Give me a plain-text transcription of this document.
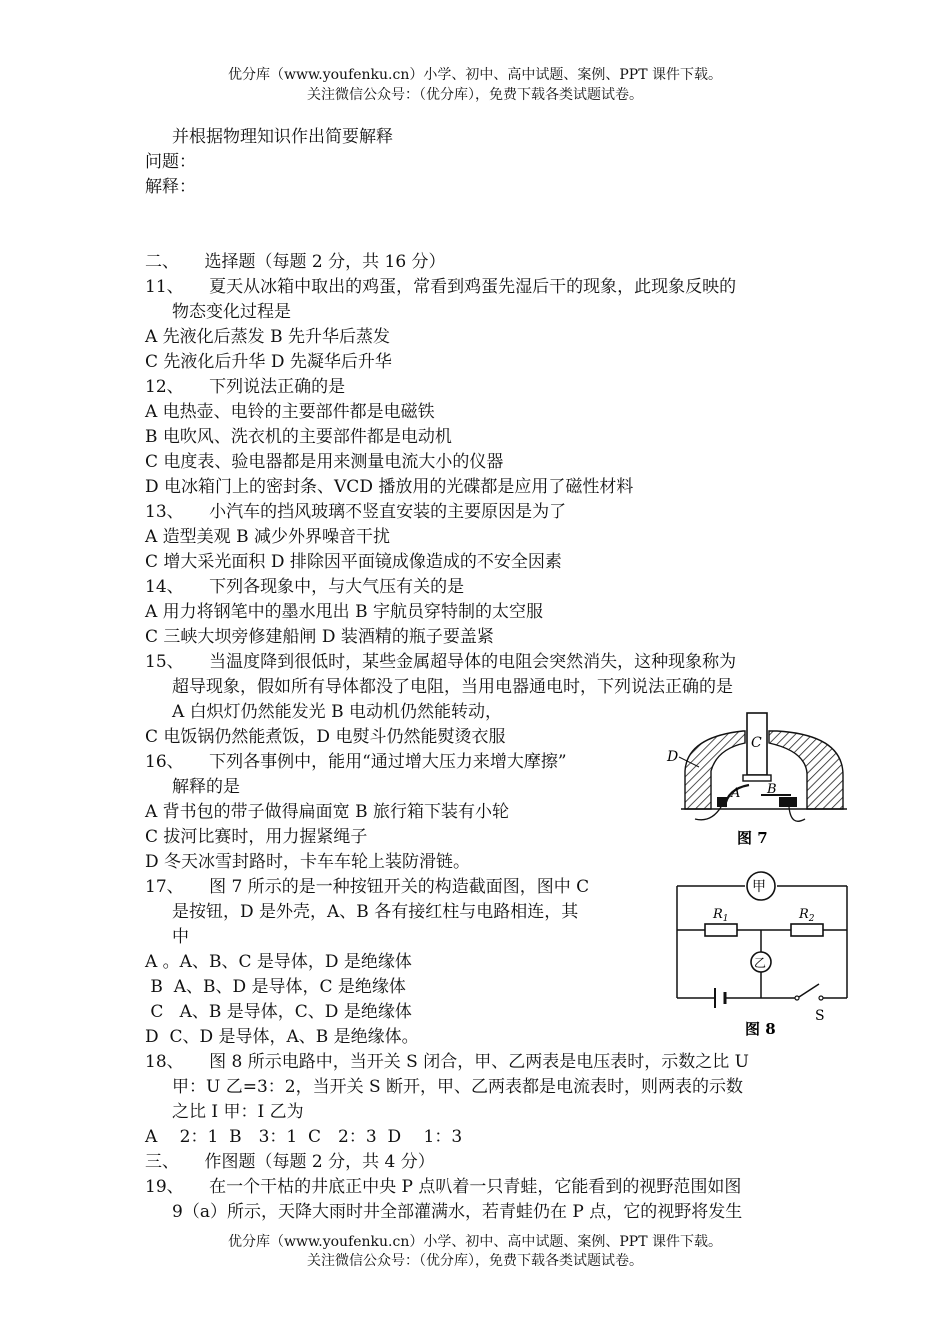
优分库（www.youfenku.cn）小学、初中、高中试题、案例、PPT 课件下载。
关注微信公众号：（优分库），免费下载各类试题试卷。
并根据物理知识作出简要解释
问题：
解释：
二、　　选择题（每题 2 分，共 16 分）
11、　　夏天从冰箱中取出的鸡蛋，常看到鸡蛋先湿后干的现象，此现象反映的
物态变化过程是
A 先液化后蒸发 B 先升华后蒸发
C 先液化后升华 D 先凝华后升华
12、　　下列说法正确的是
A 电热壶、电铃的主要部件都是电磁铁
B 电吹风、洗衣机的主要部件都是电动机
C 电度表、验电器都是用来测量电流大小的仪器
D 电冰箱门上的密封条、VCD 播放用的光碟都是应用了磁性材料
13、　　小汽车的挡风玻璃不竖直安装的主要原因是为了
A 造型美观 B 减少外界噪音干扰
C 增大采光面积 D 排除因平面镜成像造成的不安全因素
14、　　下列各现象中，与大气压有关的是
A 用力将钢笔中的墨水甩出 B 宇航员穿特制的太空服
C 三峡大坝旁修建船闸 D 装酒精的瓶子要盖紧
15、　　当温度降到很低时，某些金属超导体的电阻会突然消失，这种现象称为
超导现象，假如所有导体都没了电阻，当用电器通电时，下列说法正确的是
A 白炽灯仍然能发光 B 电动机仍然能转动，
C 电饭锅仍然能煮饭，D 电熨斗仍然能熨烫衣服
16、　　下列各事例中，能用“通过增大压力来增大摩擦”
解释的是
A 背书包的带子做得扁面宽 B 旅行箱下装有小轮
C 拔河比赛时，用力握紧绳子
D 冬天冰雪封路时，卡车车轮上装防滑链。
17、　　图 7 所示的是一种按钮开关的构造截面图，图中 C
是按钮，D 是外壳，A、B 各有接红柱与电路相连，其
中
A 。A、B、C 是导体，D 是绝缘体
B  A、B、D 是导体，C 是绝缘体
C   A、B 是导体，C、D 是绝缘体
D  C、D 是导体，A、B 是绝缘体。
18、　　图 8 所示电路中，当开关 S 闭合，甲、乙两表是电压表时，示数之比 U
甲：U 乙=3：2，当开关 S 断开，甲、乙两表都是电流表时，则两表的示数
之比 I 甲：I 乙为
A　 2：1  B　3：1  C　2：3  D　 1：3
三、　　作图题（每题 2 分，共 4 分）
19、　　在一个干枯的井底正中央 P 点叭着一只青蛙，它能看到的视野范围如图
9（a）所示，天降大雨时井全部灌满水，若青蛙仍在 P 点，它的视野将发生
优分库（www.youfenku.cn）小学、初中、高中试题、案例、PPT 课件下载。
关注微信公众号：（优分库），免费下载各类试题试卷。
C
D
A B
图 7
甲
乙
$R_1$	$R_2$
S
图 8
